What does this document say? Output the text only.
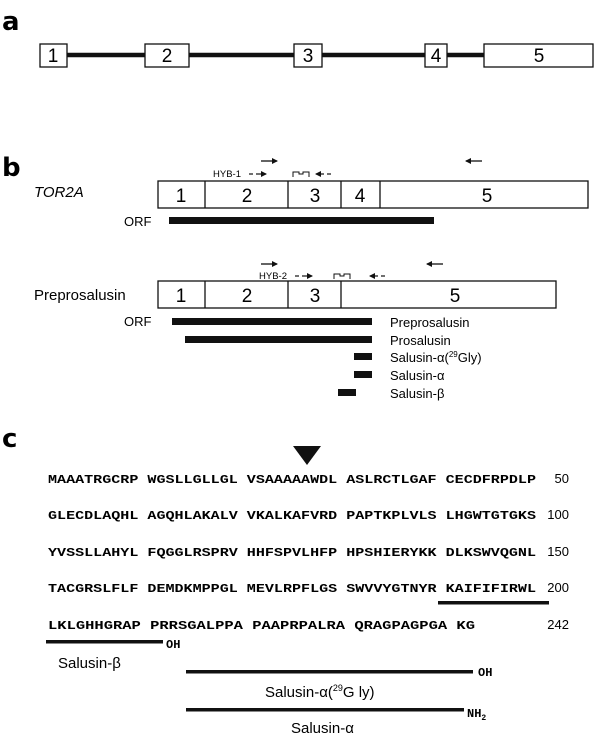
a
1	2	3	4	5
b
TOR2A	1	2	3 4	5
HYB-1
ORF
Preprosalusin	1	2	3	5
HYB-2
ORF	Preprosalusin
Prosalusin
Salusin-α($^{29}$Gly)
Salusin-α
Salusin-β
c
MAAATRGCRP WGSLLGLLGL VSAAAAAWDL ASLRCTLGAF CECDFRPDLP 50
GLECDLAQHL AGQHLAKALV VKALKAFVRD PAPTKPLVLS LHGWTGTGKS 100
YVSSLLAHYL FQGGLRSPRV HHFSPVLHFP HPSHIERYKK DLKSWVQGNL 150
TACGRSLFLF DEMDKMPPGL MEVLRPFLGS SWVVYGTNYR KAIFIFIRWL 200
LKLGHHGRAP PRRSGALPPA PAAPRPALRA QRAGPAGPGA KG	242
OH
Salusin-β
OH
Salusin-α($^{29}$G ly)
$NH_2$
Salusin-α
